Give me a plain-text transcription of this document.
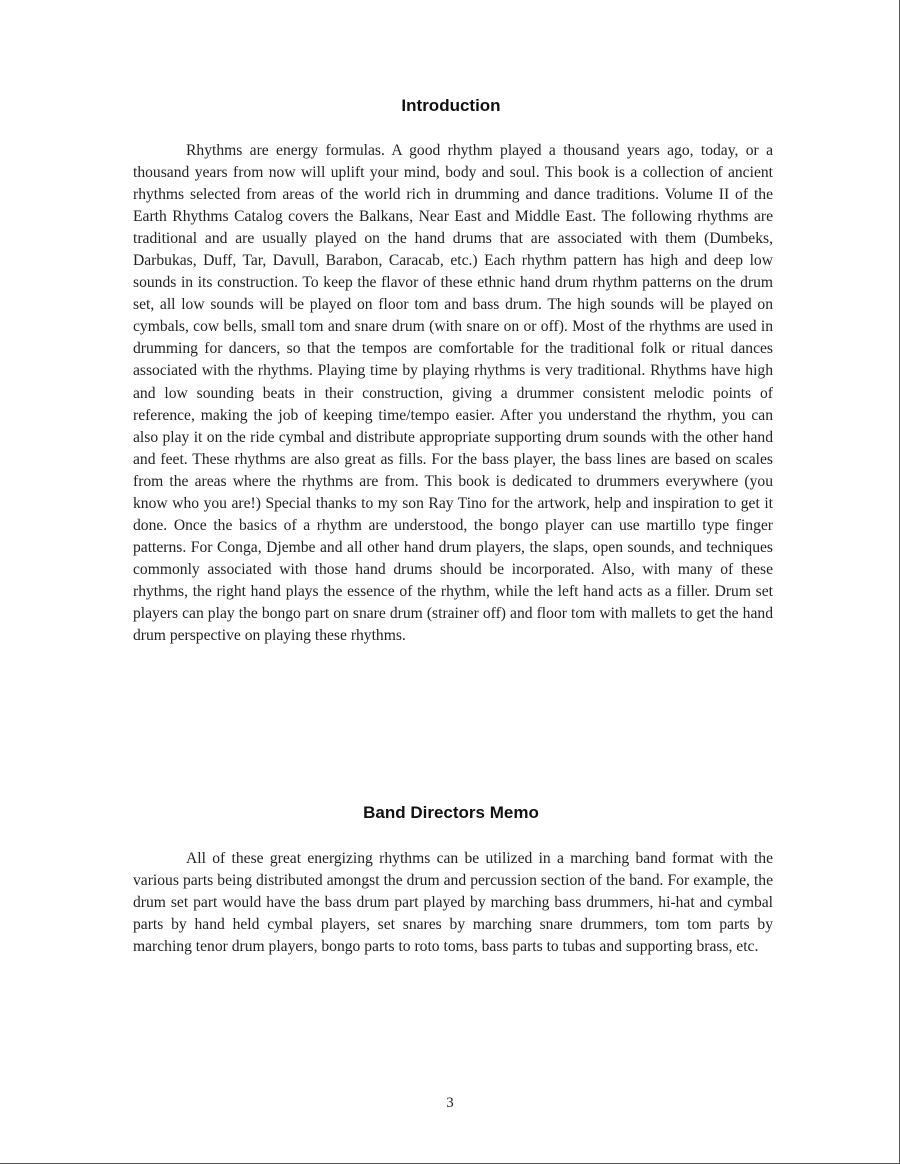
Introduction

Rhythms are energy formulas. A good rhythm played a thousand years ago, today, or a thousand years from now will uplift your mind, body and soul. This book is a collection of ancient rhythms selected from areas of the world rich in drumming and dance traditions. Volume II of the Earth Rhythms Catalog covers the Balkans, Near East and Middle East. The following rhythms are traditional and are usually played on the hand drums that are associated with them (Dumbeks, Darbukas, Duff, Tar, Davull, Barabon, Caracab, etc.) Each rhythm pattern has high and deep low sounds in its construction. To keep the flavor of these ethnic hand drum rhythm patterns on the drum set, all low sounds will be played on floor tom and bass drum. The high sounds will be played on cymbals, cow bells, small tom and snare drum (with snare on or off). Most of the rhythms are used in drumming for dancers, so that the tempos are comfortable for the traditional folk or ritual dances associated with the rhythms. Playing time by playing rhythms is very traditional. Rhythms have high and low sounding beats in their construction, giving a drummer consistent melodic points of reference, making the job of keeping time/tempo easier. After you understand the rhythm, you can also play it on the ride cymbal and distribute appropriate supporting drum sounds with the other hand and feet. These rhythms are also great as fills. For the bass player, the bass lines are based on scales from the areas where the rhythms are from. This book is dedicated to drummers everywhere (you know who you are!) Special thanks to my son Ray Tino for the artwork, help and inspiration to get it done. Once the basics of a rhythm are understood, the bongo player can use martillo type finger patterns. For Conga, Djembe and all other hand drum players, the slaps, open sounds, and techniques commonly associated with those hand drums should be incorporated. Also, with many of these rhythms, the right hand plays the essence of the rhythm, while the left hand acts as a filler. Drum set players can play the bongo part on snare drum (strainer off) and floor tom with mallets to get the hand drum perspective on playing these rhythms.

Band Directors Memo

All of these great energizing rhythms can be utilized in a marching band format with the various parts being distributed amongst the drum and percussion section of the band. For example, the drum set part would have the bass drum part played by marching bass drummers, hi-hat and cymbal parts by hand held cymbal players, set snares by marching snare drummers, tom tom parts by marching tenor drum players, bongo parts to roto toms, bass parts to tubas and supporting brass, etc.

3
